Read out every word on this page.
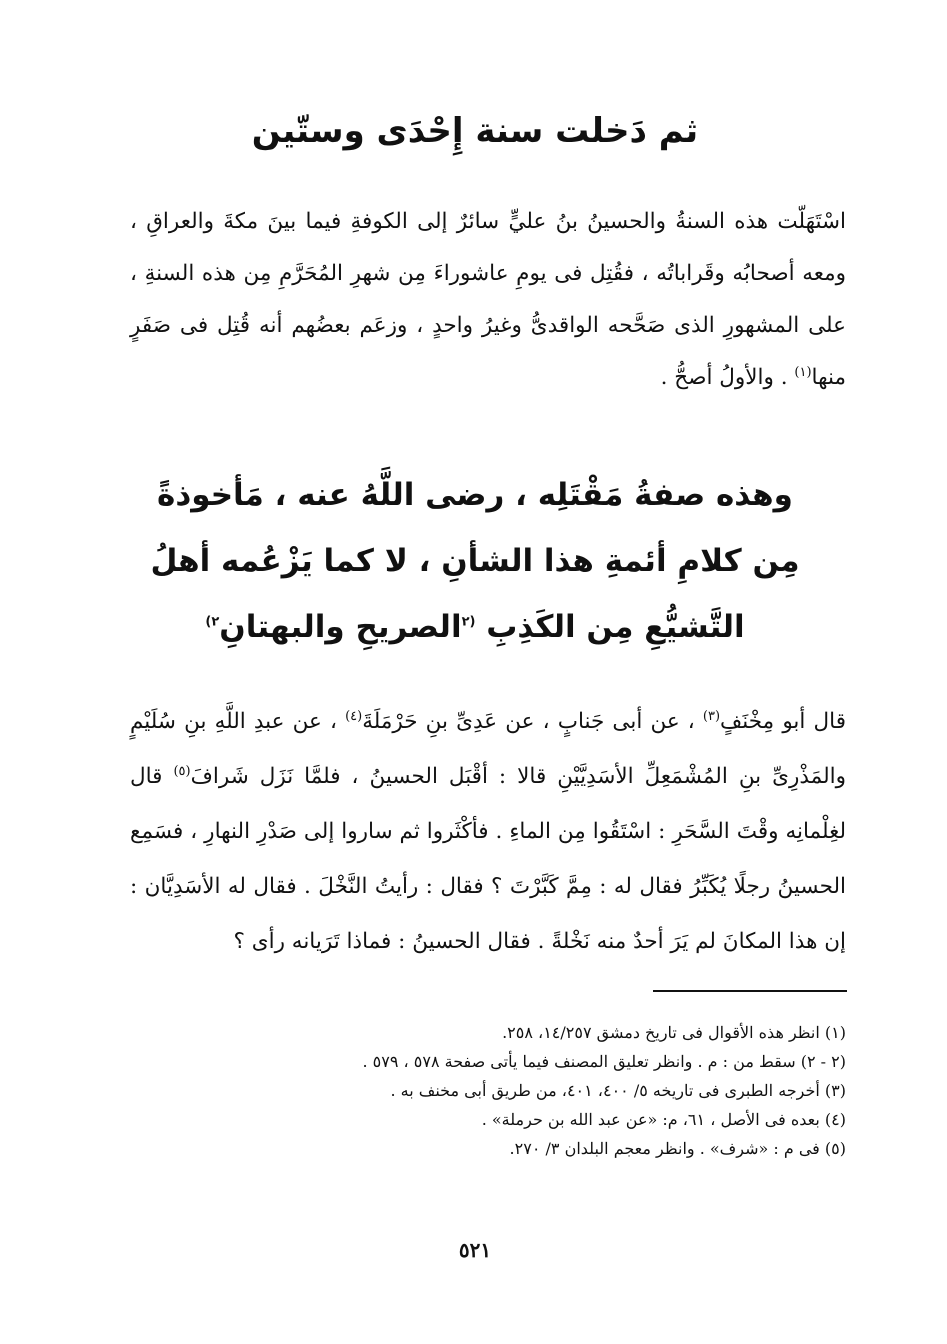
ثم دَخلت سنة إِحْدَى وستّين

اسْتَهَلّت هذه السنةُ والحسينُ بنُ عليٍّ سائرٌ إلى الكوفةِ فيما بينَ مكةَ والعراقِ ، ومعه أصحابُه وقَراباتُه ، فقُتِل فى يومِ عاشوراءَ مِن شهرِ المُحَرَّمِ مِن هذه السنةِ ، على المشهورِ الذى صَحَّحه الواقدىُّ وغيرُ واحدٍ ، وزعَم بعضُهم أنه قُتِل فى صَفَرٍ منها$^{(١)}$ . والأولُ أصحُّ .

وهذه صفةُ مَقْتَلِه ، رضى اللَّهُ عنه ، مَأخوذةً
مِن كلامِ أئمةِ هذا الشأنِ ، لا كما يَزْعُمه أهلُ
التَّشيُّعِ مِن الكَذِبِ $^{(٢}$الصريحِ والبهتانِ$^{٢)}$

قال أبو مِخْنَفٍ$^{(٣)}$ ، عن أبى جَنابٍ ، عن عَدِىِّ بنِ حَرْمَلَةَ$^{(٤)}$ ، عن عبدِ اللَّهِ بنِ سُلَيْمٍ والمَذْرِىِّ بنِ المُشْمَعِلِّ الأسَدِيَّيْنِ قالا : أقْبَل الحسينُ ، فلمَّا نَزَل شَرافَ$^{(٥)}$ قال لغِلْمانِه وقْتَ السَّحَرِ : اسْتَقُوا مِن الماءِ . فأكْثَروا ثم ساروا إلى صَدْرِ النهارِ ، فسَمِع الحسينُ رجلًا يُكَبِّرُ فقال له : مِمَّ كَبَّرْتَ ؟ فقال : رأيتُ النَّخْلَ . فقال له الأسَدِيَّان : إن هذا المكانَ لم يَرَ أحدٌ منه نَخْلةً . فقال الحسينُ : فماذا تَرَيانه رأى ؟

(١) انظر هذه الأقوال فى تاريخ دمشق ١٤/٢٥٧، ٢٥٨.
(٢ - ٢) سقط من : م . وانظر تعليق المصنف فيما يأتى صفحة ٥٧٨ ، ٥٧٩ .
(٣) أخرجه الطبرى فى تاريخه ٥/ ٤٠٠، ٤٠١، من طريق أبى مخنف به .
(٤) بعده فى الأصل ، ٦١، م: «عن عبد الله بن حرملة» .
(٥) فى م : «شرف» . وانظر معجم البلدان ٣/ ٢٧٠.
٥٢١
